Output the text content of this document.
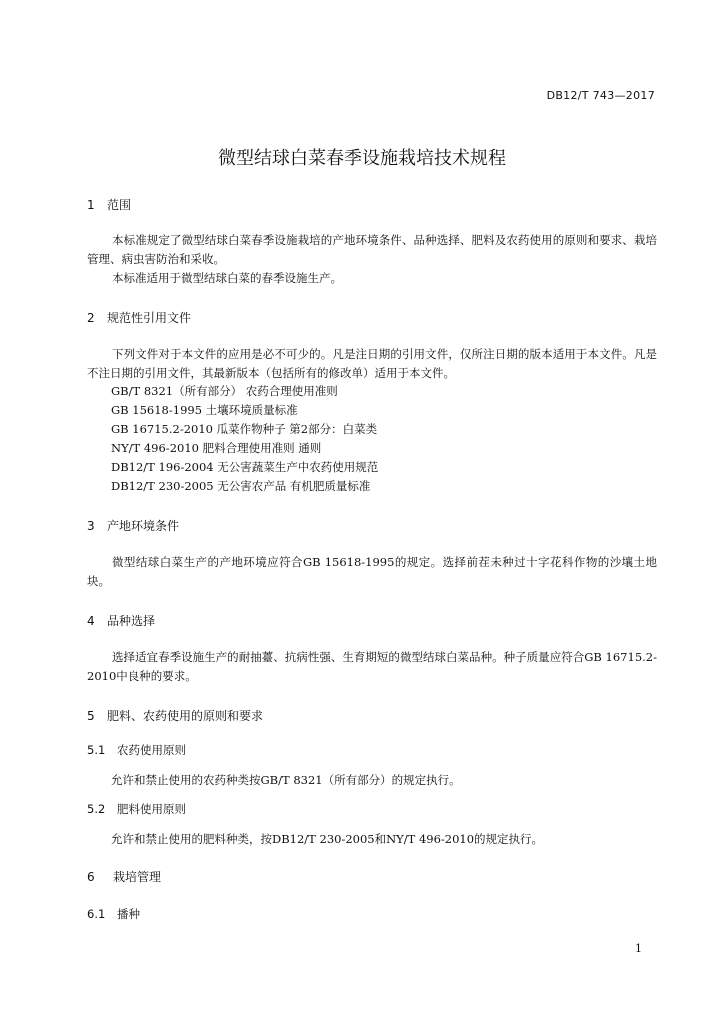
DB12/T 743—2017
微型结球白菜春季设施栽培技术规程
1 范围
本标准规定了微型结球白菜春季设施栽培的产地环境条件、品种选择、肥料及农药使用的原则和要求、栽培管理、病虫害防治和采收。
本标准适用于微型结球白菜的春季设施生产。
2 规范性引用文件
下列文件对于本文件的应用是必不可少的。凡是注日期的引用文件，仅所注日期的版本适用于本文件。凡是不注日期的引用文件，其最新版本（包括所有的修改单）适用于本文件。
GB/T 8321（所有部分） 农药合理使用准则
GB 15618-1995 土壤环境质量标准
GB 16715.2-2010 瓜菜作物种子 第2部分：白菜类
NY/T 496-2010 肥料合理使用准则 通则
DB12/T 196-2004 无公害蔬菜生产中农药使用规范
DB12/T 230-2005 无公害农产品 有机肥质量标准
3 产地环境条件
微型结球白菜生产的产地环境应符合GB 15618-1995的规定。选择前茬未种过十字花科作物的沙壤土地块。
4 品种选择
选择适宜春季设施生产的耐抽薹、抗病性强、生育期短的微型结球白菜品种。种子质量应符合GB 16715.2-2010中良种的要求。
5 肥料、农药使用的原则和要求
5.1 农药使用原则
允许和禁止使用的农药种类按GB/T 8321（所有部分）的规定执行。
5.2 肥料使用原则
允许和禁止使用的肥料种类，按DB12/T 230-2005和NY/T 496-2010的规定执行。
6 栽培管理
6.1 播种
1
